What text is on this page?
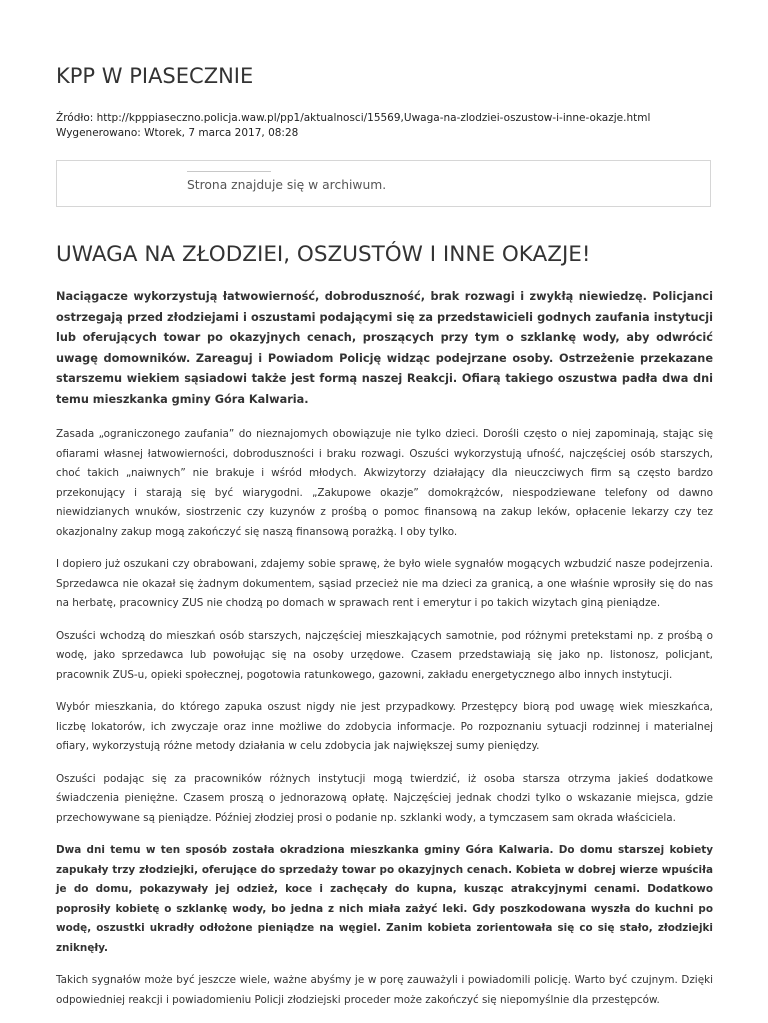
KPP W PIASECZNIE
Źródło: http://kpppiaseczno.policja.waw.pl/pp1/aktualnosci/15569,Uwaga-na-zlodziei-oszustow-i-inne-okazje.html
Wygenerowano: Wtorek, 7 marca 2017, 08:28
Strona znajduje się w archiwum.
UWAGA NA ZŁODZIEI, OSZUSTÓW I INNE OKAZJE!

Naciągacze wykorzystują łatwowierność, dobroduszność, brak rozwagi i zwykłą niewiedzę. Policjanci ostrzegają przed złodziejami i oszustami podającymi się za przedstawicieli godnych zaufania instytucji lub oferujących towar po okazyjnych cenach, proszących przy tym o szklankę wody, aby odwrócić uwagę domowników. Zareaguj i Powiadom Policję widząc podejrzane osoby. Ostrzeżenie przekazane starszemu wiekiem sąsiadowi także jest formą naszej Reakcji. Ofiarą takiego oszustwa padła dwa dni temu mieszkanka gminy Góra Kalwaria.

Zasada „ograniczonego zaufania” do nieznajomych obowiązuje nie tylko dzieci. Dorośli często o niej zapominają, stając się ofiarami własnej łatwowierności, dobroduszności i braku rozwagi. Oszuści wykorzystują ufność, najczęściej osób starszych, choć takich „naiwnych” nie brakuje i wśród młodych. Akwizytorzy działający dla nieuczciwych firm są często bardzo przekonujący i starają się być wiarygodni. „Zakupowe okazje” domokrążców, niespodziewane telefony od dawno niewidzianych wnuków, siostrzenic czy kuzynów z prośbą o pomoc finansową na zakup leków, opłacenie lekarzy czy tez okazjonalny zakup mogą zakończyć się naszą finansową porażką. I oby tylko.

I dopiero już oszukani czy obrabowani, zdajemy sobie sprawę, że było wiele sygnałów mogących wzbudzić nasze podejrzenia. Sprzedawca nie okazał się żadnym dokumentem, sąsiad przecież nie ma dzieci za granicą, a one właśnie wprosiły się do nas na herbatę, pracownicy ZUS nie chodzą po domach w sprawach rent i emerytur i po takich wizytach giną pieniądze.

Oszuści wchodzą do mieszkań osób starszych, najczęściej mieszkających samotnie, pod różnymi pretekstami np. z prośbą o wodę, jako sprzedawca lub powołując się na osoby urzędowe. Czasem przedstawiają się jako np. listonosz, policjant, pracownik ZUS-u, opieki społecznej, pogotowia ratunkowego, gazowni, zakładu energetycznego albo innych instytucji.

Wybór mieszkania, do którego zapuka oszust nigdy nie jest przypadkowy. Przestępcy biorą pod uwagę wiek mieszkańca, liczbę lokatorów, ich zwyczaje oraz inne możliwe do zdobycia informacje. Po rozpoznaniu sytuacji rodzinnej i materialnej ofiary, wykorzystują różne metody działania w celu zdobycia jak największej sumy pieniędzy.

Oszuści podając się za pracowników różnych instytucji mogą twierdzić, iż osoba starsza otrzyma jakieś dodatkowe świadczenia pieniężne. Czasem proszą o jednorazową opłatę. Najczęściej jednak chodzi tylko o wskazanie miejsca, gdzie przechowywane są pieniądze. Później złodziej prosi o podanie np. szklanki wody, a tymczasem sam okrada właściciela.

Dwa dni temu w ten sposób została okradziona mieszkanka gminy Góra Kalwaria. Do domu starszej kobiety zapukały trzy złodziejki, oferujące do sprzedaży towar po okazyjnych cenach. Kobieta w dobrej wierze wpuściła je do domu, pokazywały jej odzież, koce i zachęcały do kupna, kusząc atrakcyjnymi cenami. Dodatkowo poprosiły kobietę o szklankę wody, bo jedna z nich miała zażyć leki. Gdy poszkodowana wyszła do kuchni po wodę, oszustki ukradły odłożone pieniądze na węgiel. Zanim kobieta zorientowała się co się stało, złodziejki zniknęły.

Takich sygnałów może być jeszcze wiele, ważne abyśmy je w porę zauważyli i powiadomili policję. Warto być czujnym. Dzięki odpowiedniej reakcji i powiadomieniu Policji złodziejski proceder może zakończyć się niepomyślnie dla przestępców.
